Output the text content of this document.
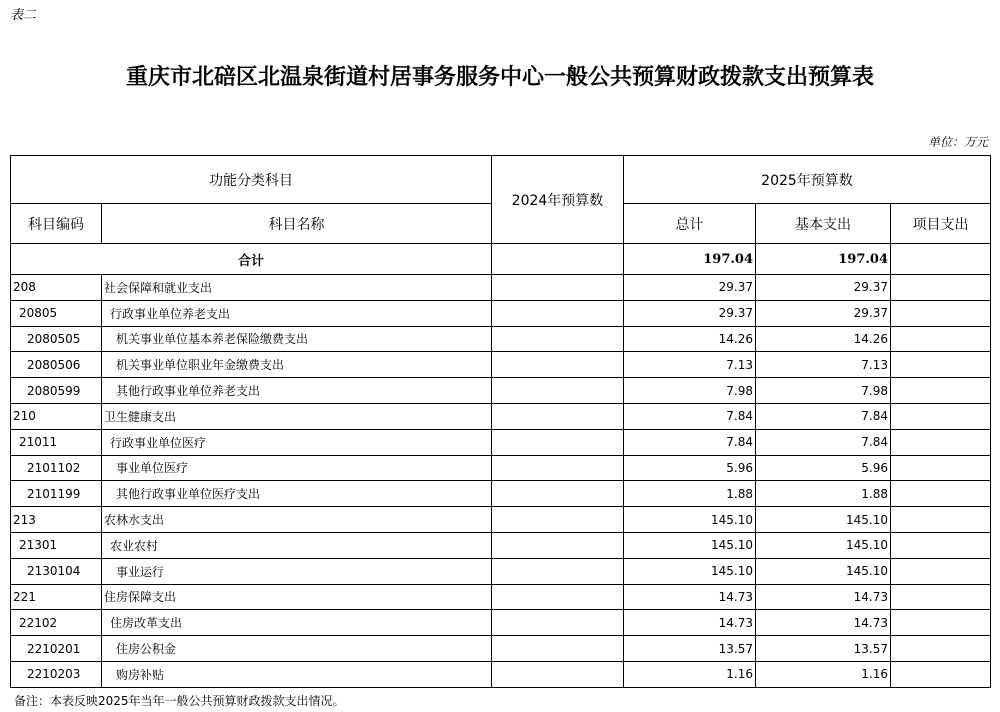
表二
重庆市北碚区北温泉街道村居事务服务中心一般公共预算财政拨款支出预算表
单位：万元
功能分类科目		2024年预算数	2025年预算数		
科目编码	科目名称		总计	基本支出	项目支出
合计			197.04	197.04	
208	社会保障和就业支出		29.37	29.37	
20805	行政事业单位养老支出		29.37	29.37	
2080505	机关事业单位基本养老保险缴费支出		14.26	14.26	
2080506	机关事业单位职业年金缴费支出		7.13	7.13	
2080599	其他行政事业单位养老支出		7.98	7.98	
210	卫生健康支出		7.84	7.84	
21011	行政事业单位医疗		7.84	7.84	
2101102	事业单位医疗		5.96	5.96	
2101199	其他行政事业单位医疗支出		1.88	1.88	
213	农林水支出		145.10	145.10	
21301	农业农村		145.10	145.10	
2130104	事业运行		145.10	145.10	
221	住房保障支出		14.73	14.73	
22102	住房改革支出		14.73	14.73	
2210201	住房公积金		13.57	13.57	
2210203	购房补贴		1.16	1.16	
备注：本表反映2025年当年一般公共预算财政拨款支出情况。
